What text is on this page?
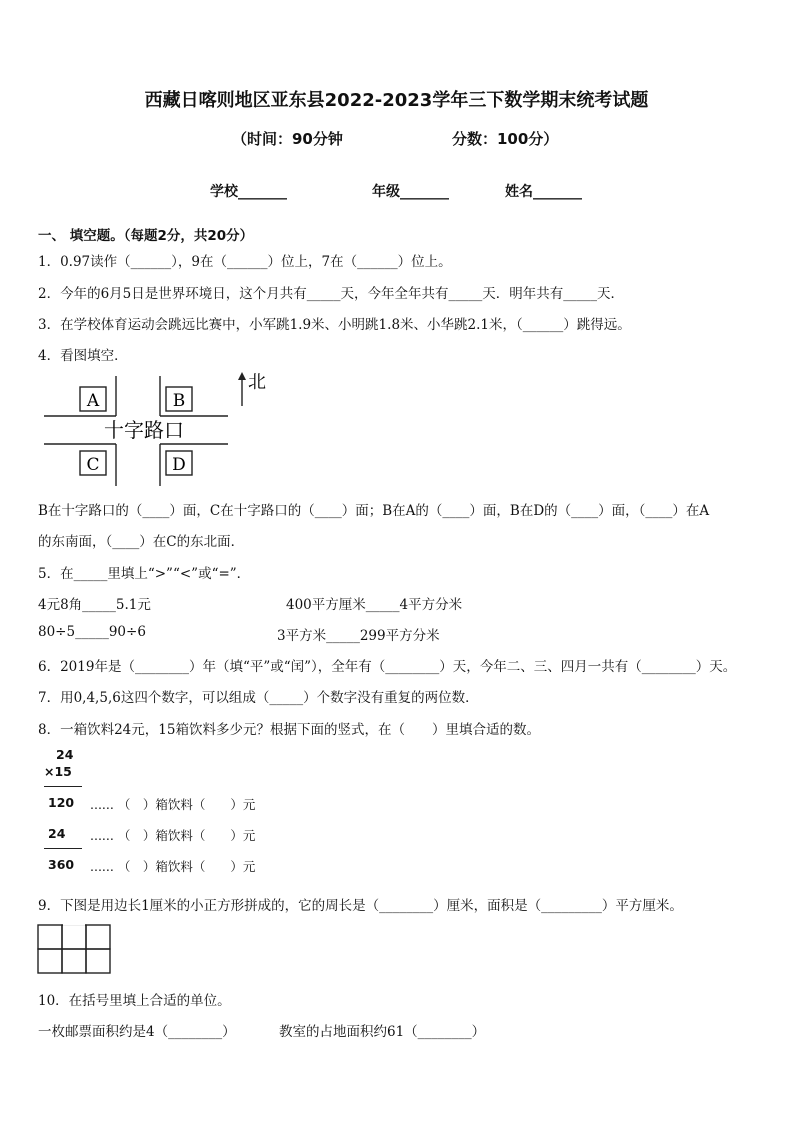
西藏日喀则地区亚东县2022-2023学年三下数学期末统考试题
（时间：90分钟	分数：100分）
学校_______	年级_______	姓名_______
一、 填空题。（每题2分，共20分）
1．0.97读作（______），9在（______）位上，7在（______）位上。
2．今年的6月5日是世界环境日，这个月共有_____天，今年全年共有_____天．明年共有_____天．
3．在学校体育运动会跳远比赛中，小军跳1.9米、小明跳1.8米、小华跳2.1米，（______）跳得远。
4．看图填空．
A	B
C	D
十字路口
北
B在十字路口的（____）面，C在十字路口的（____）面；B在A的（____）面，B在D的（____）面，（____）在A
的东南面，（____）在C的东北面．
5．在_____里填上“>”“<”或“=”．
4元8角_____5.1元	400平方厘米_____4平方分米
80÷5_____90÷6	3平方米_____299平方分米
6．2019年是（________）年（填“平”或“闰”），全年有（________）天，今年二、三、四月一共有（________）天。
7．用0,4,5,6这四个数字，可以组成（_____）个数字没有重复的两位数．
8．一箱饮料24元，15箱饮料多少元？根据下面的竖式，在（　　）里填合适的数。
24
×15
120 ...... （　）箱饮料（　　）元
24 ...... （　）箱饮料（　　）元
360 ...... （　）箱饮料（　　）元
9．下图是用边长1厘米的小正方形拼成的，它的周长是（________）厘米，面积是（_________）平方厘米。
10．在括号里填上合适的单位。
一枚邮票面积约是4（________）	教室的占地面积约61（________）
